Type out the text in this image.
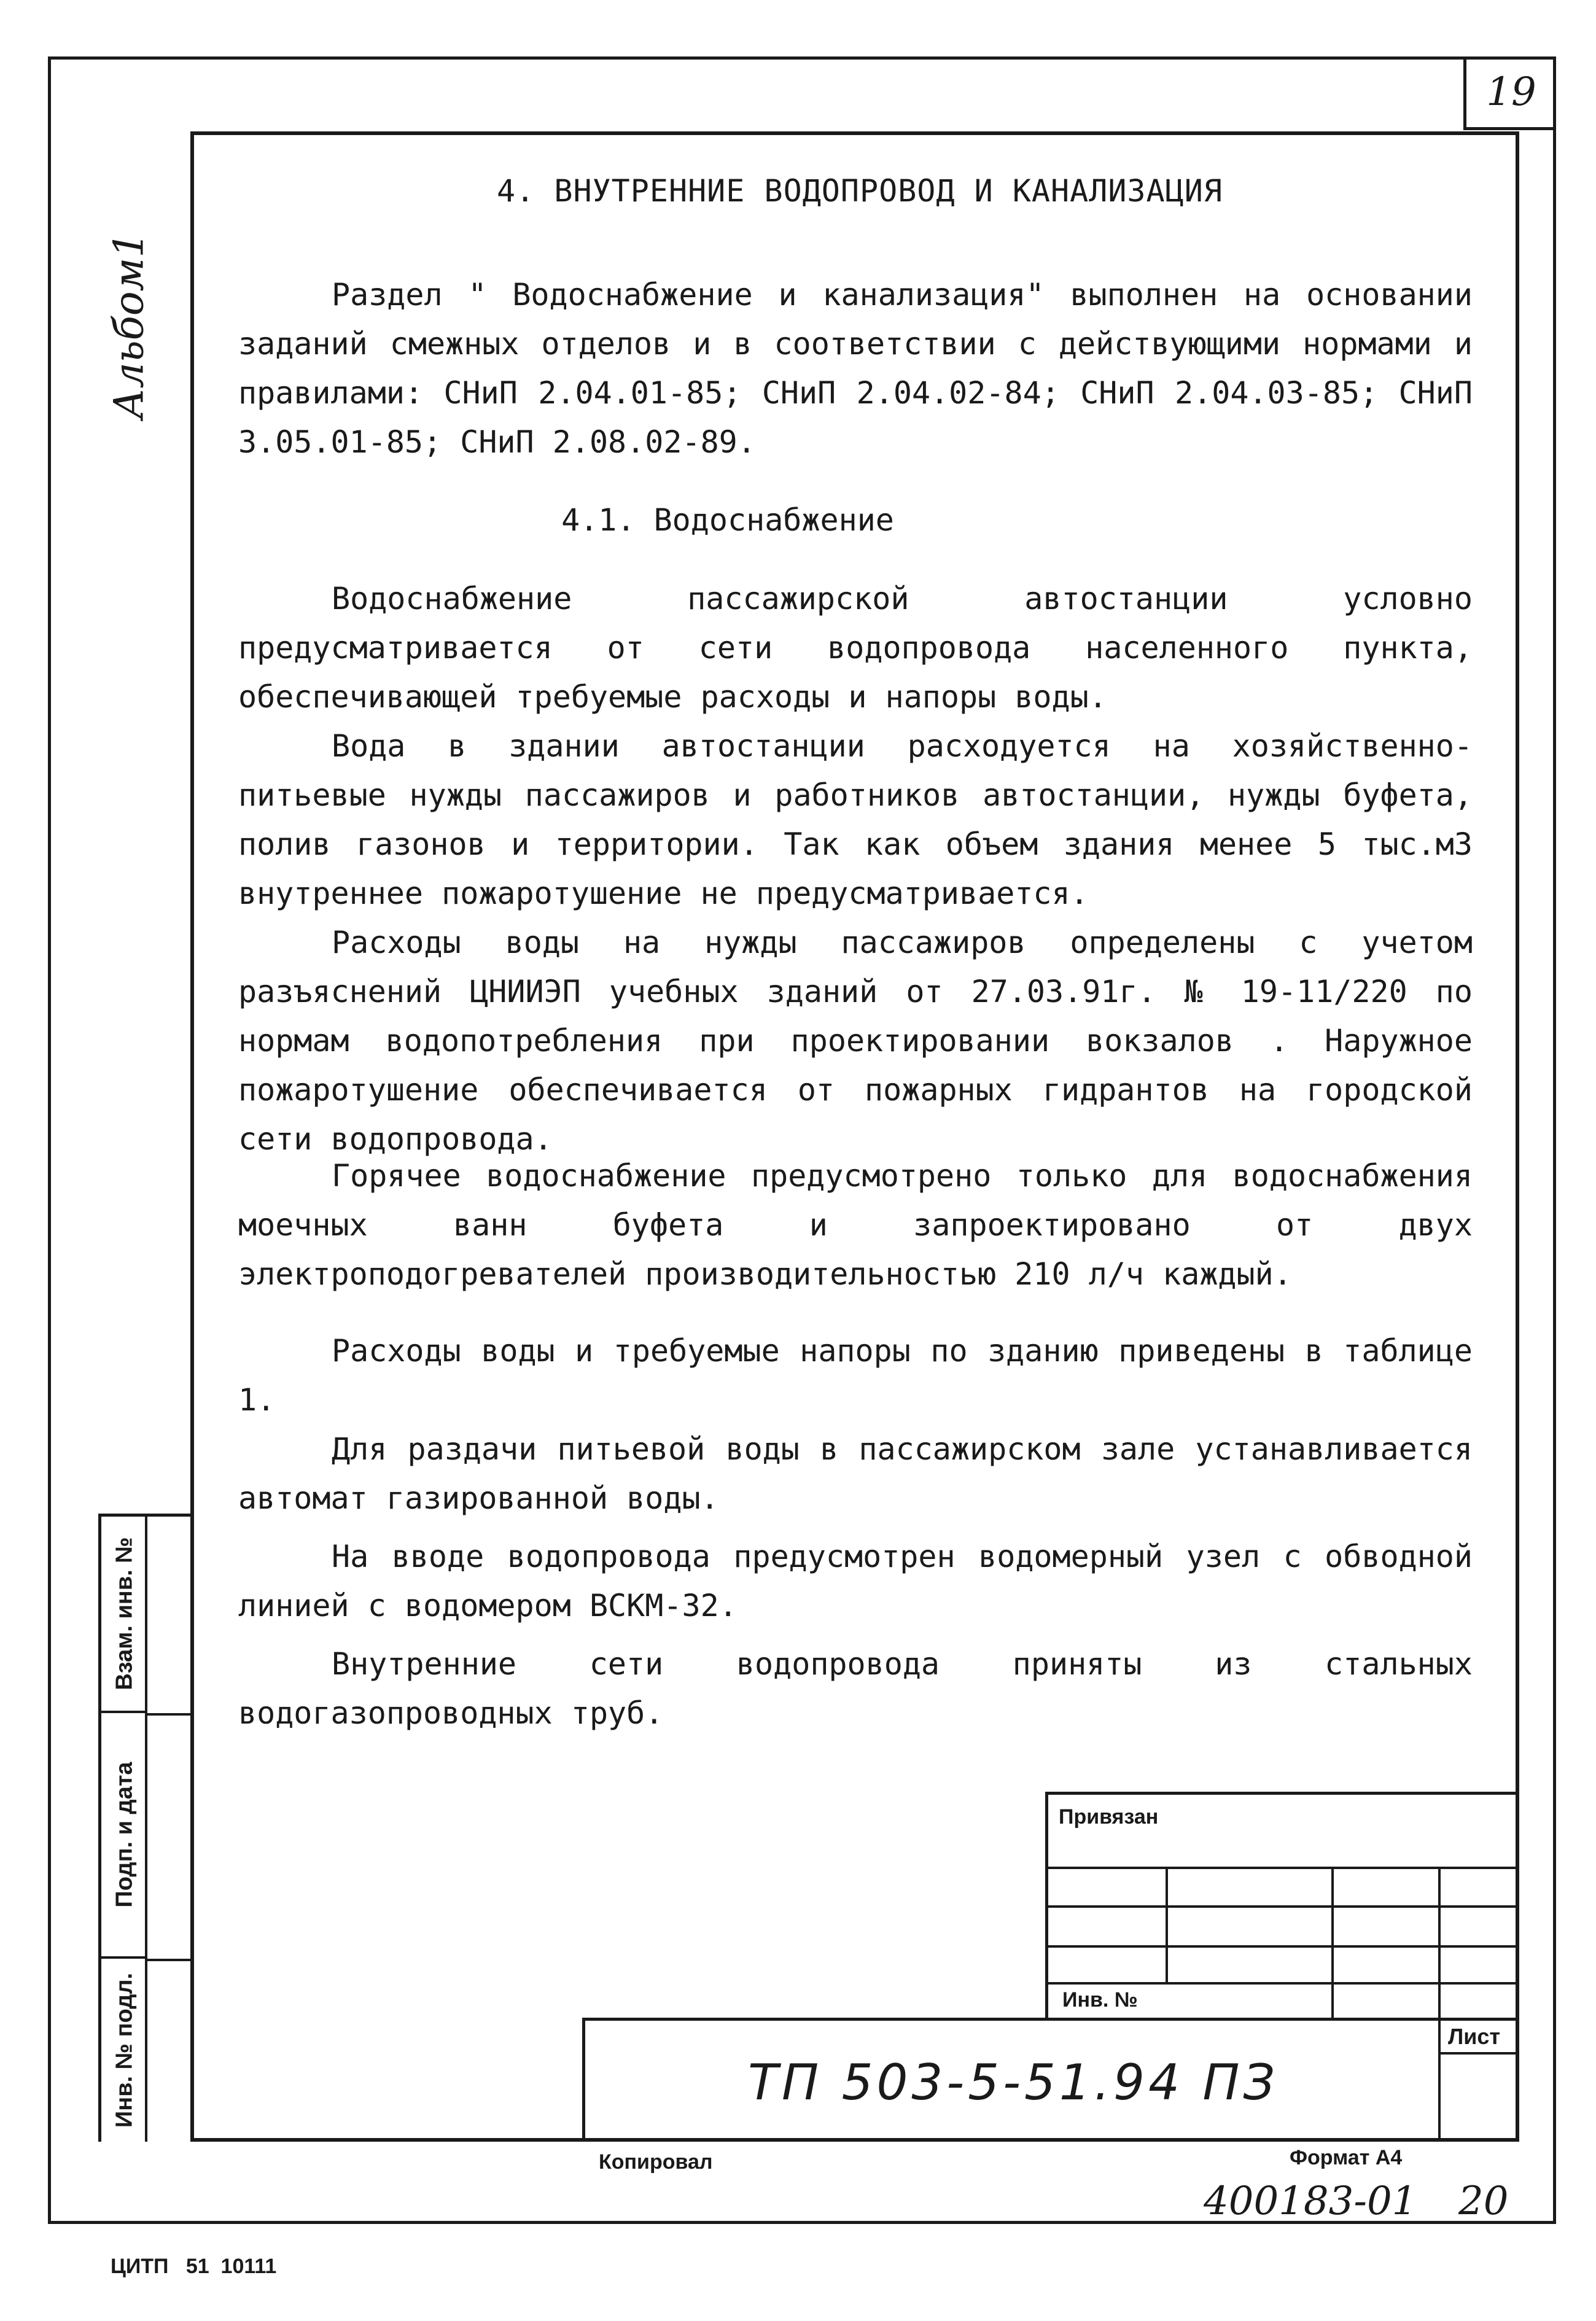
19
Альбом1
Взам. инв. №
Подп. и дата
Инв. № подл.
4. ВНУТРЕННИЕ ВОДОПРОВОД И КАНАЛИЗАЦИЯ
Раздел " Водоснабжение и канализация" выполнен на основании заданий смежных отделов и в соответствии с действующими нормами и правилами: СНиП 2.04.01-85; СНиП 2.04.02-84; СНиП 2.04.03-85; СНиП 3.05.01-85; СНиП 2.08.02-89.
4.1. Водоснабжение
Водоснабжение пассажирской автостанции условно предусматривается от сети водопровода населенного пункта, обеспечивающей требуемые расходы и напоры воды.
Вода в здании автостанции расходуется на хозяйственно-питьевые нужды пассажиров и работников автостанции, нужды буфета, полив газонов и территории. Так как объем здания менее 5 тыс.м3 внутреннее пожаротушение не предусматривается.
Расходы воды на нужды пассажиров определены с учетом разъяснений ЦНИИЭП учебных зданий от 27.03.91г. № 19-11/220 по нормам водопотребления при проектировании вокзалов . Наружное пожаротушение обеспечивается от пожарных гидрантов на городской сети водопровода.
Горячее водоснабжение предусмотрено только для водоснабжения моечных ванн буфета и запроектировано от двух электроподогревателей производительностью 210 л/ч каждый.
Расходы воды и требуемые напоры по зданию приведены в таблице 1.
Для раздачи питьевой воды в пассажирском зале устанавливается автомат газированной воды.
На вводе водопровода предусмотрен водомерный узел с обводной линией с водомером ВСКМ-32.
Внутренние сети водопровода приняты из стальных водогазопроводных труб.
Привязан
Инв. №
Лист
ТП 503-5-51.94 ПЗ
Копировал	Формат А4
400183-01 20
ЦИТП   51  10111
